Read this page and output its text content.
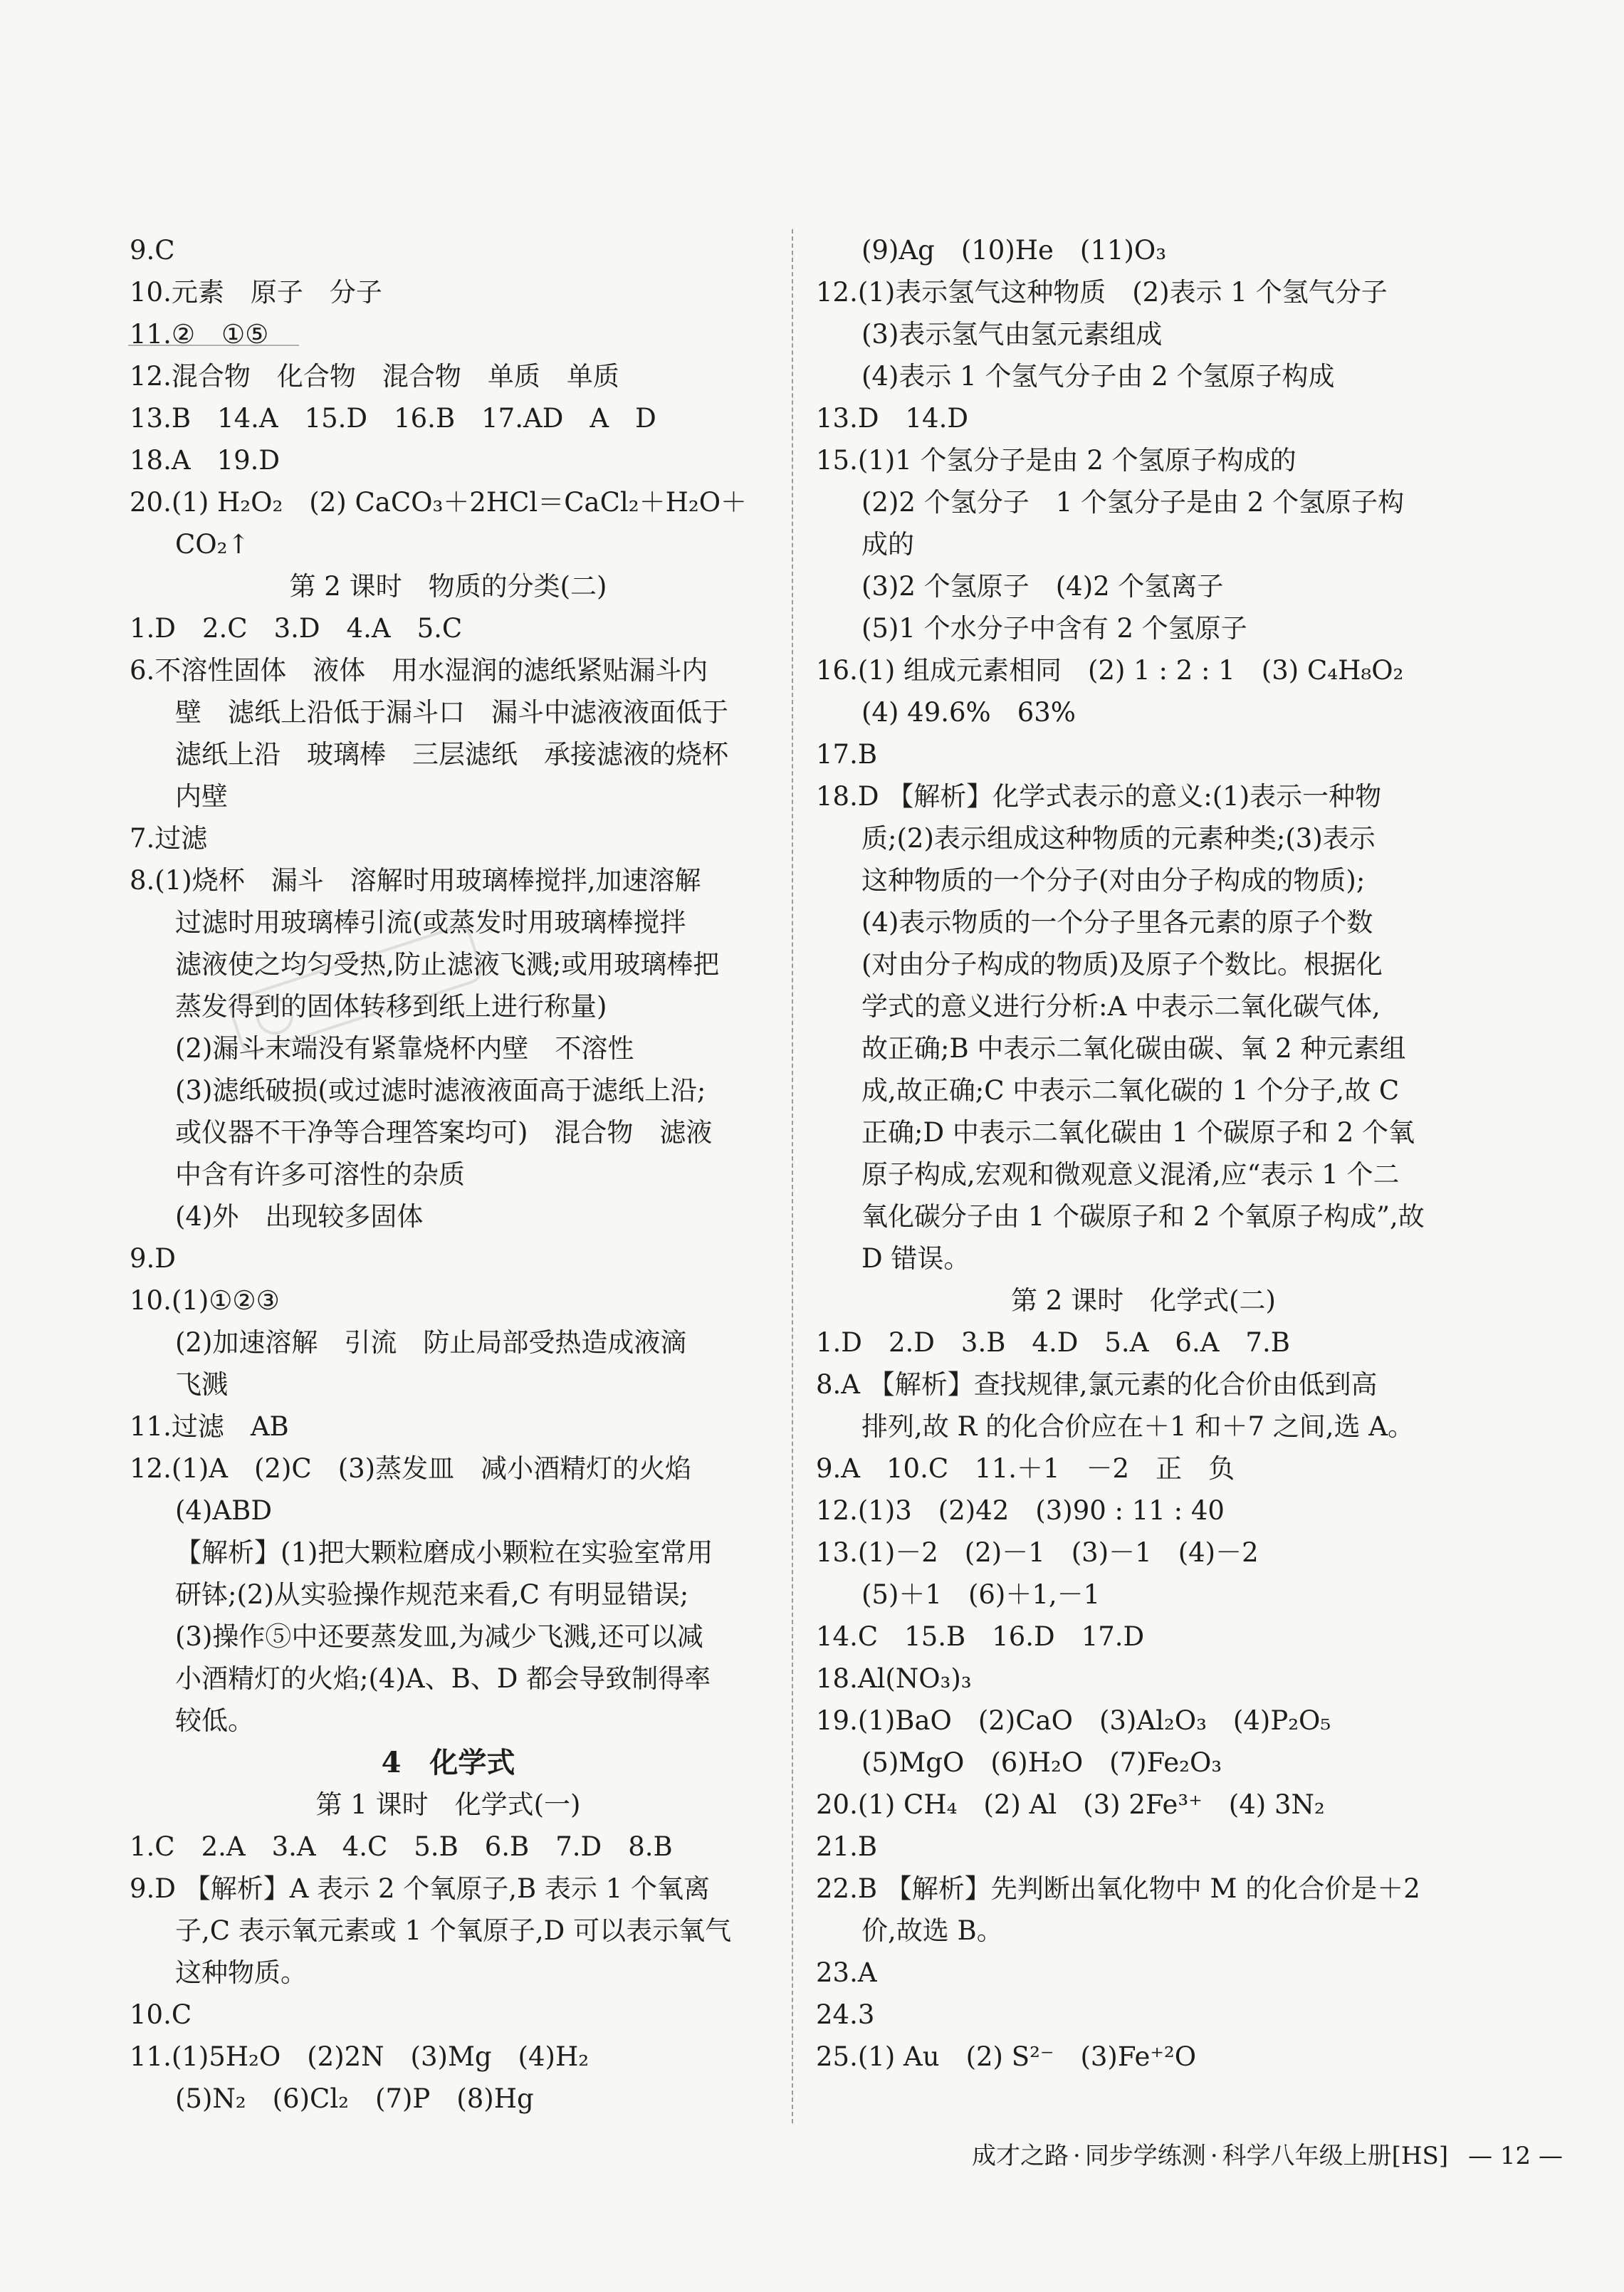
9.C
10.元素　原子　分子
11.②　①⑤
12.混合物　化合物　混合物　单质　单质
13.B　14.A　15.D　16.B　17.AD　A　D
18.A　19.D
20.(1) H₂O₂　(2) CaCO₃＋2HCl＝CaCl₂＋H₂O＋
CO₂↑
第 2 课时　物质的分类(二)
1.D　2.C　3.D　4.A　5.C
6.不溶性固体　液体　用水湿润的滤纸紧贴漏斗内
壁　滤纸上沿低于漏斗口　漏斗中滤液液面低于
滤纸上沿　玻璃棒　三层滤纸　承接滤液的烧杯
内壁
7.过滤
8.(1)烧杯　漏斗　溶解时用玻璃棒搅拌,加速溶解
过滤时用玻璃棒引流(或蒸发时用玻璃棒搅拌
滤液使之均匀受热,防止滤液飞溅;或用玻璃棒把
蒸发得到的固体转移到纸上进行称量)
(2)漏斗末端没有紧靠烧杯内壁　不溶性
(3)滤纸破损(或过滤时滤液液面高于滤纸上沿;
或仪器不干净等合理答案均可)　混合物　滤液
中含有许多可溶性的杂质
(4)外　出现较多固体
9.D
10.(1)①②③
(2)加速溶解　引流　防止局部受热造成液滴
飞溅
11.过滤　AB
12.(1)A　(2)C　(3)蒸发皿　减小酒精灯的火焰
(4)ABD
【解析】(1)把大颗粒磨成小颗粒在实验室常用
研钵;(2)从实验操作规范来看,C 有明显错误;
(3)操作⑤中还要蒸发皿,为减少飞溅,还可以减
小酒精灯的火焰;(4)A、B、D 都会导致制得率
较低。
4　化学式
第 1 课时　化学式(一)
1.C　2.A　3.A　4.C　5.B　6.B　7.D　8.B
9.D 【解析】A 表示 2 个氧原子,B 表示 1 个氧离
子,C 表示氧元素或 1 个氧原子,D 可以表示氧气
这种物质。
10.C
11.(1)5H₂O　(2)2N　(3)Mg　(4)H₂
(5)N₂　(6)Cl₂　(7)P　(8)Hg
(9)Ag　(10)He　(11)O₃
12.(1)表示氢气这种物质　(2)表示 1 个氢气分子
(3)表示氢气由氢元素组成
(4)表示 1 个氢气分子由 2 个氢原子构成
13.D　14.D
15.(1)1 个氢分子是由 2 个氢原子构成的
(2)2 个氢分子　1 个氢分子是由 2 个氢原子构
成的
(3)2 个氢原子　(4)2 个氢离子
(5)1 个水分子中含有 2 个氢原子
16.(1) 组成元素相同　(2) 1 : 2 : 1　(3) C₄H₈O₂
(4) 49.6%　63%
17.B
18.D 【解析】化学式表示的意义:(1)表示一种物
质;(2)表示组成这种物质的元素种类;(3)表示
这种物质的一个分子(对由分子构成的物质);
(4)表示物质的一个分子里各元素的原子个数
(对由分子构成的物质)及原子个数比。根据化
学式的意义进行分析:A 中表示二氧化碳气体,
故正确;B 中表示二氧化碳由碳、氧 2 种元素组
成,故正确;C 中表示二氧化碳的 1 个分子,故 C
正确;D 中表示二氧化碳由 1 个碳原子和 2 个氧
原子构成,宏观和微观意义混淆,应“表示 1 个二
氧化碳分子由 1 个碳原子和 2 个氧原子构成”,故
D 错误。
第 2 课时　化学式(二)
1.D　2.D　3.B　4.D　5.A　6.A　7.B
8.A 【解析】查找规律,氯元素的化合价由低到高
排列,故 R 的化合价应在＋1 和＋7 之间,选 A。
9.A　10.C　11.＋1　－2　正　负
12.(1)3　(2)42　(3)90 : 11 : 40
13.(1)－2　(2)－1　(3)－1　(4)－2
(5)＋1　(6)＋1,－1
14.C　15.B　16.D　17.D
18.Al(NO₃)₃
19.(1)BaO　(2)CaO　(3)Al₂O₃　(4)P₂O₅
(5)MgO　(6)H₂O　(7)Fe₂O₃
20.(1) CH₄　(2) Al　(3) 2Fe³⁺　(4) 3N₂
21.B
22.B 【解析】先判断出氧化物中 M 的化合价是＋2
价,故选 B。
23.A
24.3
25.(1) Au　(2) S²⁻　(3)Fe⁺²O
成才之路 · 同步学练测 · 科学八年级上册[HS] — 12 —
